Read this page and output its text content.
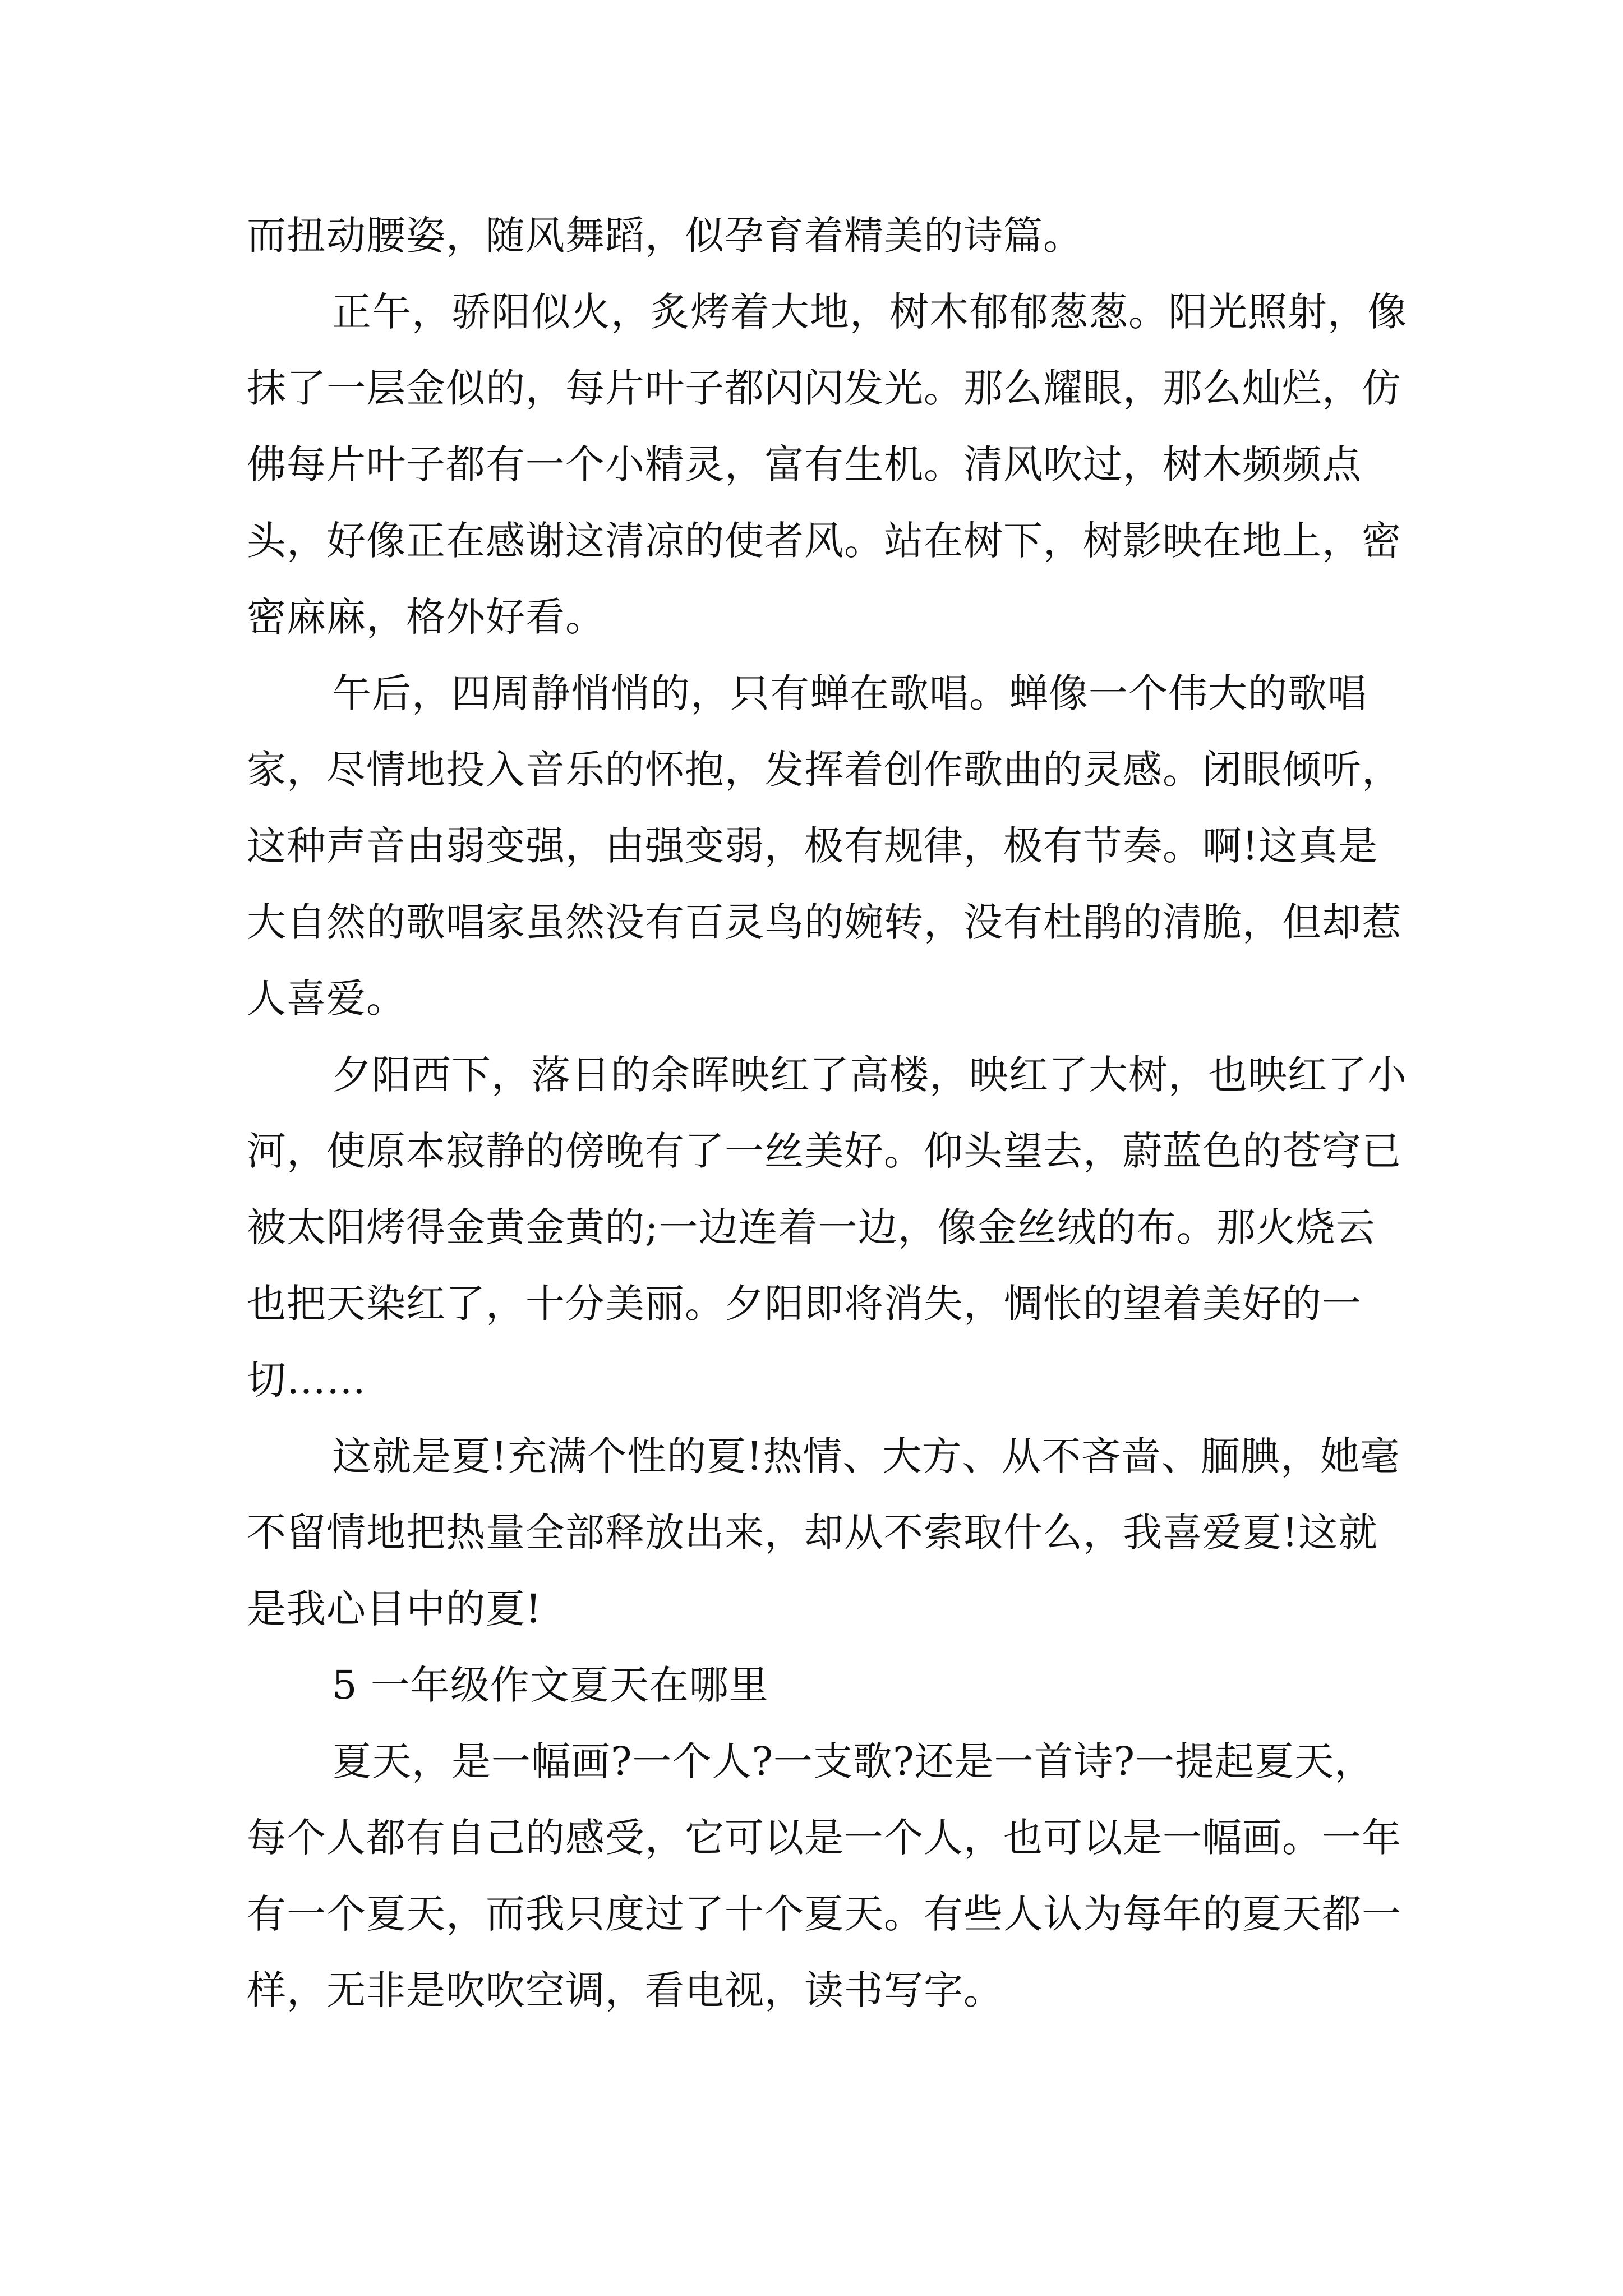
而扭动腰姿，随风舞蹈，似孕育着精美的诗篇。

正午，骄阳似火，炙烤着大地，树木郁郁葱葱。阳光照射，像抹了一层金似的，每片叶子都闪闪发光。那么耀眼，那么灿烂，仿佛每片叶子都有一个小精灵，富有生机。清风吹过，树木频频点头，好像正在感谢这清凉的使者风。站在树下，树影映在地上，密密麻麻，格外好看。

午后，四周静悄悄的，只有蝉在歌唱。蝉像一个伟大的歌唱家，尽情地投入音乐的怀抱，发挥着创作歌曲的灵感。闭眼倾听，这种声音由弱变强，由强变弱，极有规律，极有节奏。啊!这真是大自然的歌唱家虽然没有百灵鸟的婉转，没有杜鹃的清脆，但却惹人喜爱。

夕阳西下，落日的余晖映红了高楼，映红了大树，也映红了小河，使原本寂静的傍晚有了一丝美好。仰头望去，蔚蓝色的苍穹已被太阳烤得金黄金黄的;一边连着一边，像金丝绒的布。那火烧云也把天染红了，十分美丽。夕阳即将消失，惆怅的望着美好的一切……

这就是夏!充满个性的夏!热情、大方、从不吝啬、腼腆，她毫不留情地把热量全部释放出来，却从不索取什么，我喜爱夏!这就是我心目中的夏!

5 一年级作文夏天在哪里

夏天，是一幅画?一个人?一支歌?还是一首诗?一提起夏天，每个人都有自己的感受，它可以是一个人，也可以是一幅画。一年有一个夏天，而我只度过了十个夏天。有些人认为每年的夏天都一样，无非是吹吹空调，看电视，读书写字。
